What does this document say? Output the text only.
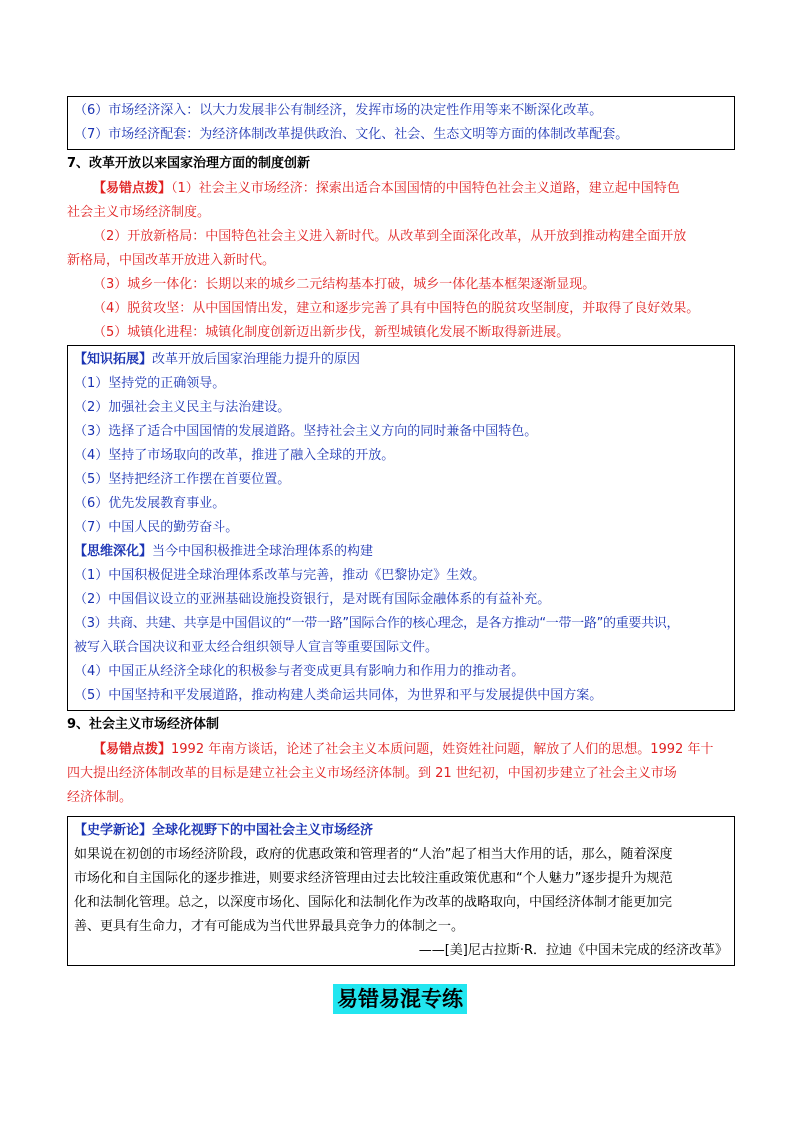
（6）市场经济深入：以大力发展非公有制经济，发挥市场的决定性作用等来不断深化改革。
（7）市场经济配套：为经济体制改革提供政治、文化、社会、生态文明等方面的体制改革配套。
7、改革开放以来国家治理方面的制度创新
【易错点拨】（1）社会主义市场经济：探索出适合本国国情的中国特色社会主义道路，建立起中国特色
社会主义市场经济制度。
（2）开放新格局：中国特色社会主义进入新时代。从改革到全面深化改革，从开放到推动构建全面开放
新格局，中国改革开放进入新时代。
（3）城乡一体化：长期以来的城乡二元结构基本打破，城乡一体化基本框架逐渐显现。
（4）脱贫攻坚：从中国国情出发，建立和逐步完善了具有中国特色的脱贫攻坚制度，并取得了良好效果。
（5）城镇化进程：城镇化制度创新迈出新步伐，新型城镇化发展不断取得新进展。
【知识拓展】改革开放后国家治理能力提升的原因
（1）坚持党的正确领导。
（2）加强社会主义民主与法治建设。
（3）选择了适合中国国情的发展道路。坚持社会主义方向的同时兼备中国特色。
（4）坚持了市场取向的改革，推进了融入全球的开放。
（5）坚持把经济工作摆在首要位置。
（6）优先发展教育事业。
（7）中国人民的勤劳奋斗。
【思维深化】当今中国积极推进全球治理体系的构建
（1）中国积极促进全球治理体系改革与完善，推动《巴黎协定》生效。
（2）中国倡议设立的亚洲基础设施投资银行，是对既有国际金融体系的有益补充。
（3）共商、共建、共享是中国倡议的“一带一路”国际合作的核心理念，是各方推动“一带一路”的重要共识，
被写入联合国决议和亚太经合组织领导人宣言等重要国际文件。
（4）中国正从经济全球化的积极参与者变成更具有影响力和作用力的推动者。
（5）中国坚持和平发展道路，推动构建人类命运共同体，为世界和平与发展提供中国方案。
9、社会主义市场经济体制
【易错点拨】1992 年南方谈话，论述了社会主义本质问题，姓资姓社问题，解放了人们的思想。1992 年十
四大提出经济体制改革的目标是建立社会主义市场经济体制。到 21 世纪初，中国初步建立了社会主义市场
经济体制。
【史学新论】全球化视野下的中国社会主义市场经济
如果说在初创的市场经济阶段，政府的优惠政策和管理者的“人治”起了相当大作用的话，那么，随着深度
市场化和自主国际化的逐步推进，则要求经济管理由过去比较注重政策优惠和“个人魅力”逐步提升为规范
化和法制化管理。总之，以深度市场化、国际化和法制化作为改革的战略取向，中国经济体制才能更加完
善、更具有生命力，才有可能成为当代世界最具竞争力的体制之一。
——[美]尼古拉斯·R．拉迪《中国未完成的经济改革》
易错易混专练
